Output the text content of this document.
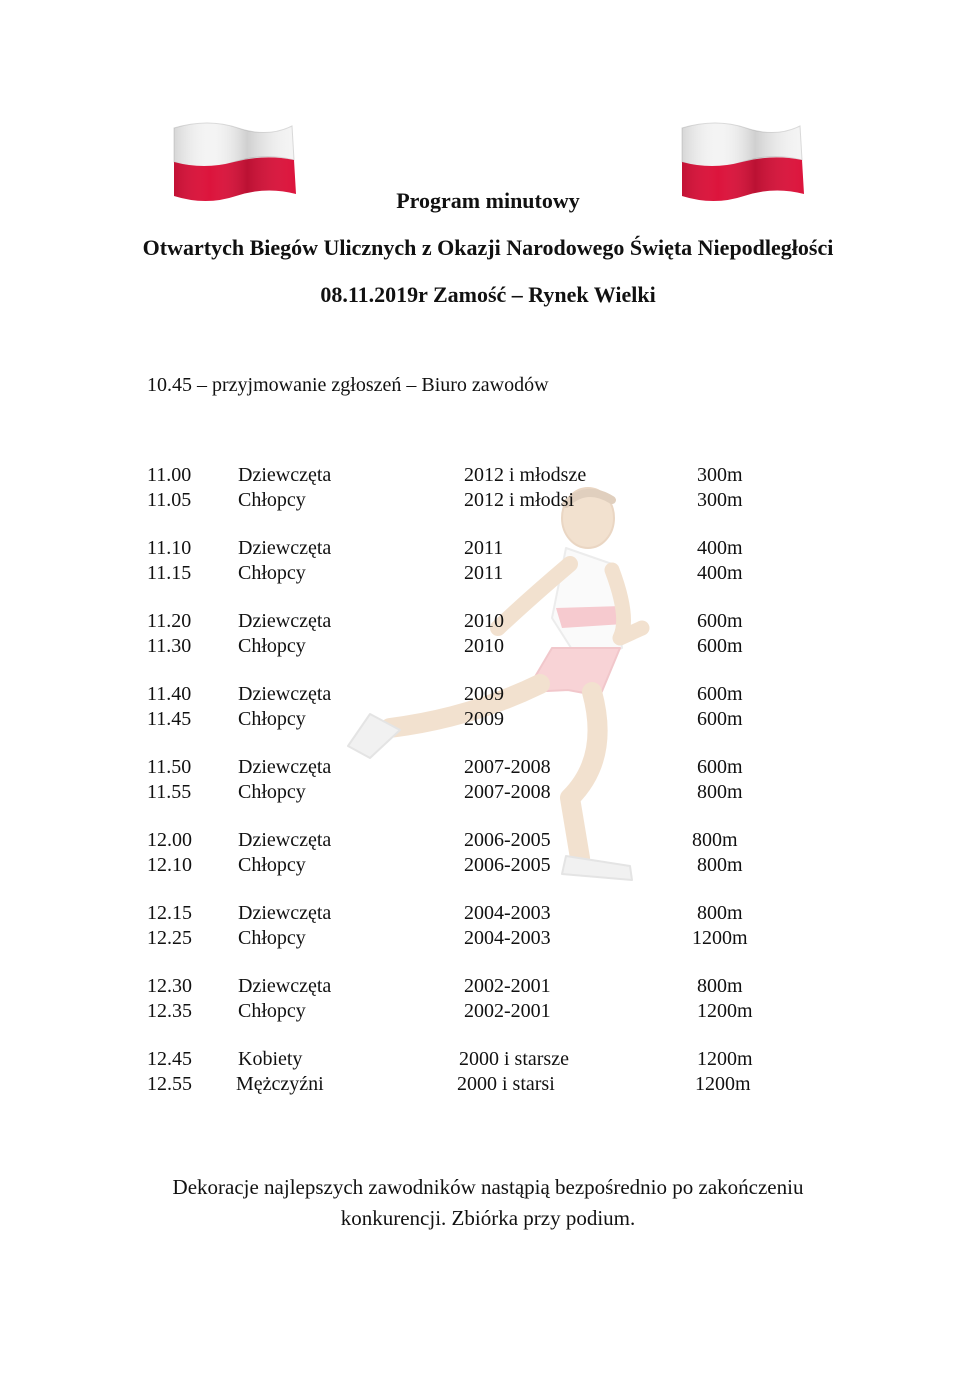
Program minutowy
Otwartych Biegów Ulicznych z Okazji Narodowego Święta Niepodległości
08.11.2019r Zamość – Rynek Wielki
10.45 – przyjmowanie zgłoszeń – Biuro zawodów
11.00 Dziewczęta	2012 i młodsze	300m
11.05 Chłopcy	2012 i młodsi	300m
11.10 Dziewczęta	2011	400m
11.15 Chłopcy	2011	400m
11.20 Dziewczęta	2010	600m
11.30 Chłopcy	2010	600m
11.40 Dziewczęta	2009	600m
11.45 Chłopcy	2009	600m
11.50 Dziewczęta	2007-2008	600m
11.55 Chłopcy	2007-2008	800m
12.00 Dziewczęta	2006-2005	800m
12.10 Chłopcy	2006-2005	800m
12.15 Dziewczęta	2004-2003	800m
12.25 Chłopcy	2004-2003	1200m
12.30 Dziewczęta	2002-2001	800m
12.35 Chłopcy	2002-2001	1200m
12.45 Kobiety	2000 i starsze	1200m
12.55 Mężczyźni	2000 i starsi	1200m
Dekoracje najlepszych zawodników nastąpią bezpośrednio po zakończeniu
konkurencji. Zbiórka przy podium.
